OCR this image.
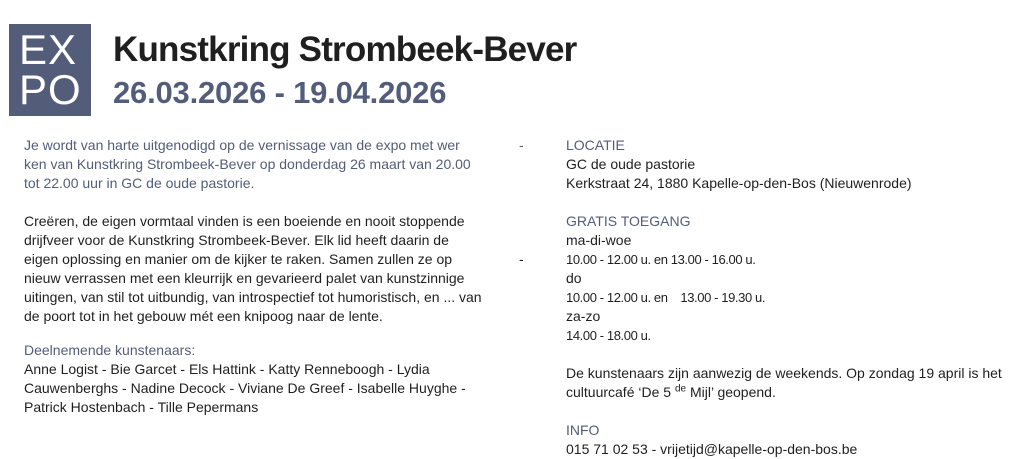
EX
PO
Kunstkring Strombeek-Bever
26.03.2026 - 19.04.2026

Je wordt van harte uitgenodigd op de vernissage van de expo met wer

ken van Kunstkring Strombeek-Bever op donderdag 26 maart van 20.00

tot 22.00 uur in GC de oude pastorie.

-

Creëren, de eigen vormtaal vinden is een boeiende en nooit stoppende

drijfveer voor de Kunstkring Strombeek-Bever. Elk lid heeft daarin de

eigen oplossing en manier om de kijker te raken. Samen zullen ze op

nieuw verrassen met een kleurrijk en gevarieerd palet van kunstzinnige

uitingen, van stil tot uitbundig, van introspectief tot humoristisch, en ... van

de poort tot in het gebouw mét een knipoog naar de lente.

-

Deelnemende kunstenaars:

Anne Logist - Bie Garcet - Els Hattink - Katty Renneboogh - Lydia

Cauwenberghs - Nadine Decock - Viviane De Greef - Isabelle Huyghe -

Patrick Hostenbach - Tille Pepermans

LOCATIE

GC de oude pastorie

Kerkstraat 24, 1880 Kapelle-op-den-Bos (Nieuwenrode)

GRATIS TOEGANG

ma-di-woe

10.00 - 12.00 u. en 13.00 - 16.00 u.

do

10.00 - 12.00 u. en    13.00 - 19.30 u.

za-zo

14.00 - 18.00 u.

De kunstenaars zijn aanwezig de weekends. Op zondag 19 april is het

cultuurcafé ‘De 5 $^{de}$ Mijl’ geopend.

INFO

015 71 02 53 - vrijetijd@kapelle-op-den-bos.be
